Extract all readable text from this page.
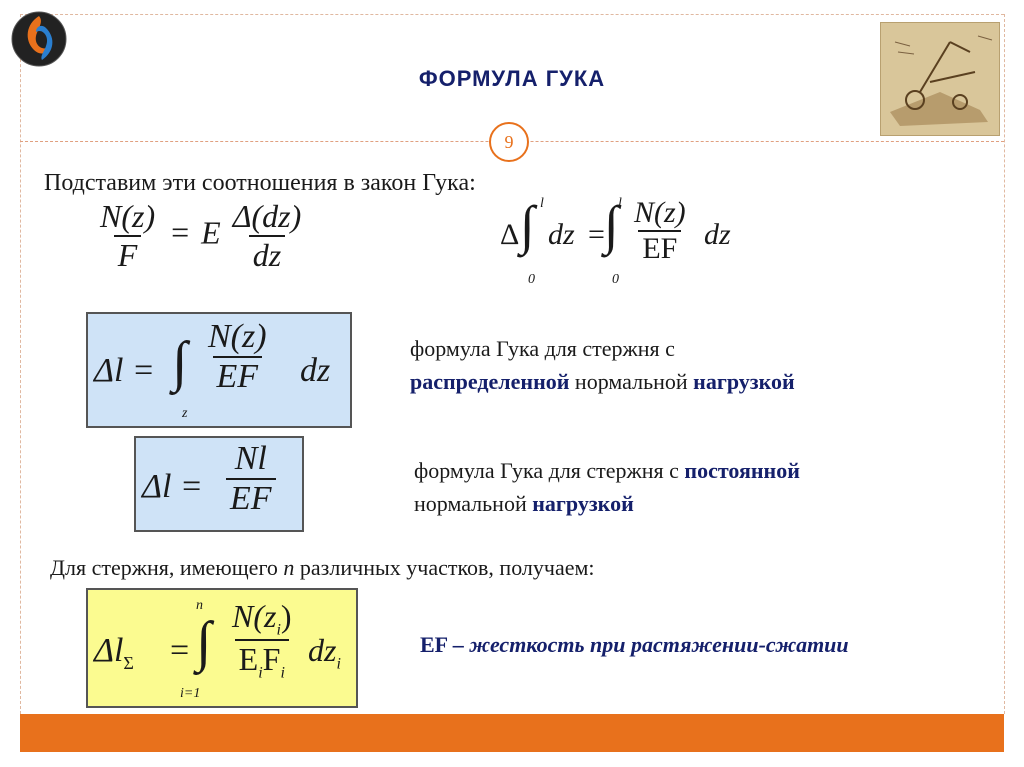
ФОРМУЛА ГУКА
9
Подставим эти соотношения в закон Гука:
$\frac{N(z)}{F} = E \frac{\Delta(dz)}{dz}$	Δ ∫ l
0
dz = ∫ l
0
$\frac{N(z)}{EF}$ dz
Δl = ∫
z
$\frac{N(z)}{EF}$ dz
формула Гука для стержня с
распределенной нормальной нагрузкой
$\Delta l = \frac{Nl}{EF}$	формула Гука для стержня с постоянной
нормальной нагрузкой
Для стержня, имеющего n различных участков, получаем:
$\Delta l_\Sigma$ = ∫
n
i=1
$N(z_i)$
$E_iF_i$
$dz_i$
EF – жесткость при растяжении-сжатии
